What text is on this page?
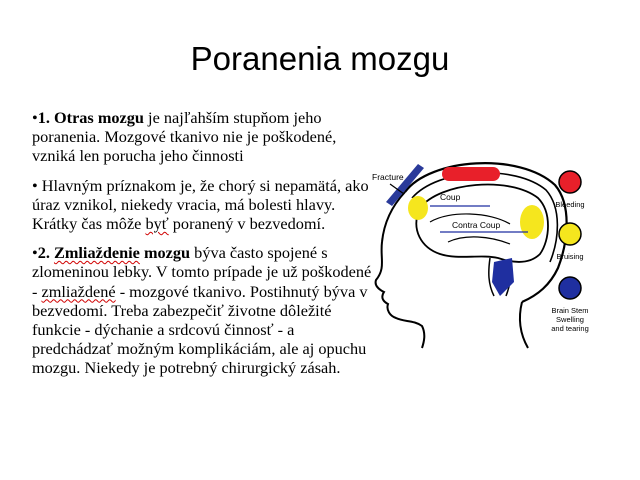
Poranenia mozgu

•1. Otras mozgu je najľahším stupňom jeho poranenia. Mozgové tkanivo nie je poškodené, vzniká len porucha jeho činnosti

• Hlavným príznakom je, že chorý si nepamätá, ako úraz vznikol, niekedy vracia, má bolesti hlavy. Krátky čas môže byť poranený v bezvedomí.

•2. Zmliaždenie mozgu býva často spojené s zlomeninou lebky. V tomto prípade je už poškodené - zmliaždené - mozgové tkanivo. Postihnutý býva v bezvedomí. Treba zabezpečiť životne dôležité funkcie - dýchanie a srdcovú činnosť - a predchádzať možným komplikáciám, ale aj opuchu mozgu. Niekedy je potrebný chirurgický zásah.

Fracture
Coup
Contra Coup
Bleeding
Bruising
Brain Stem
Swelling
and tearing
